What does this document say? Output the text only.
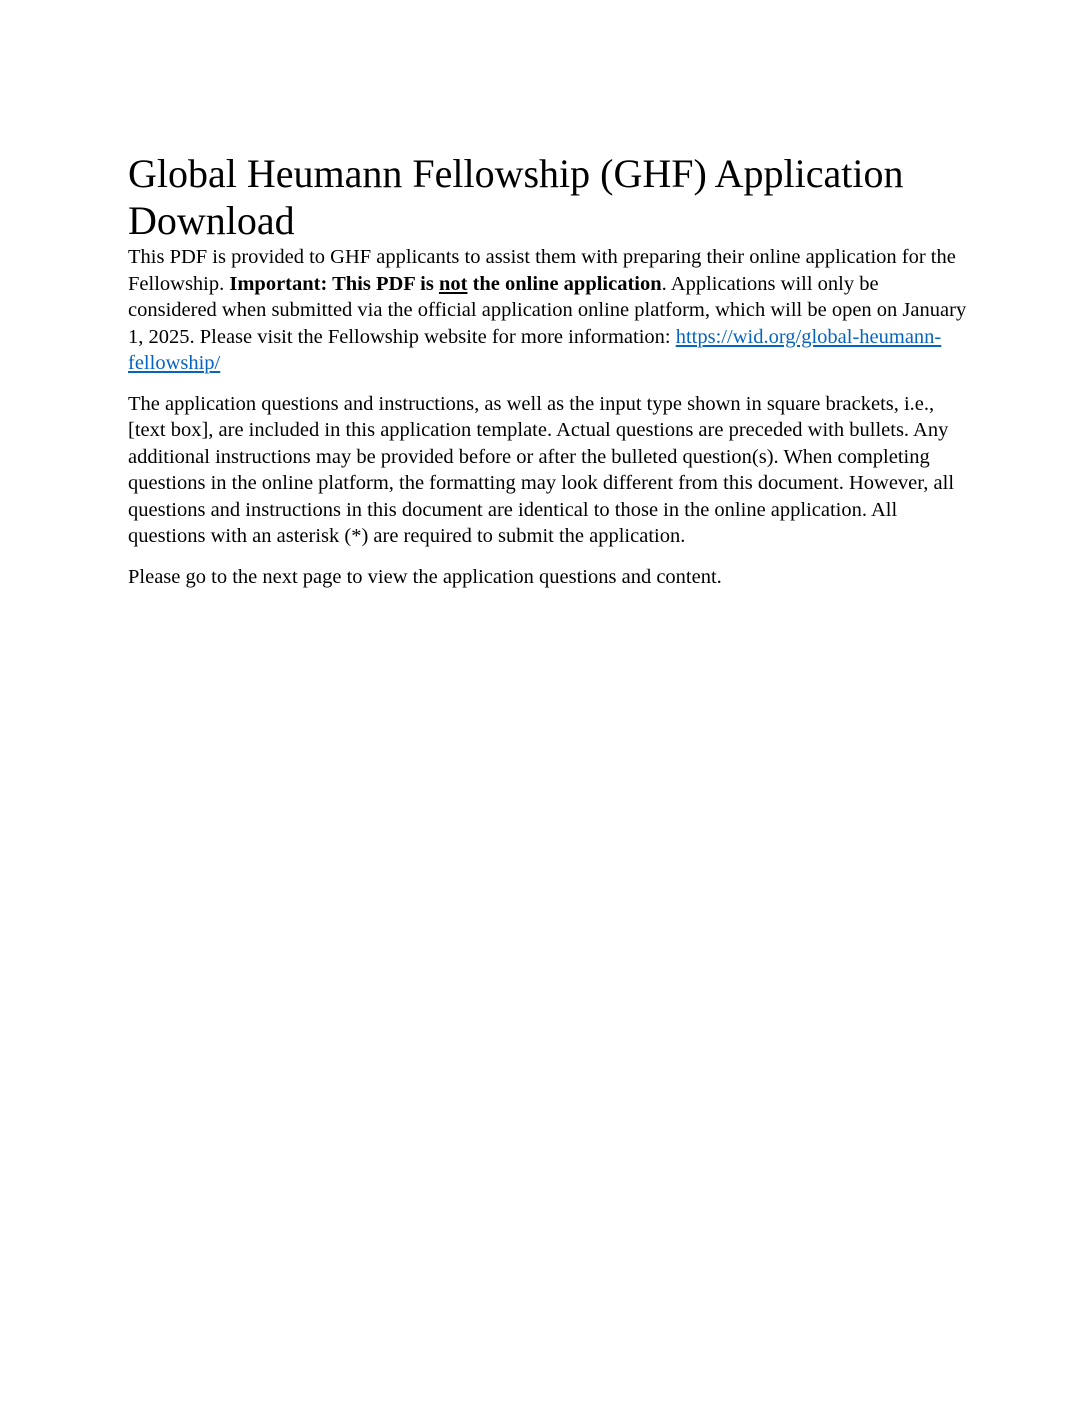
Global Heumann Fellowship (GHF) Application Download

This PDF is provided to GHF applicants to assist them with preparing their online application for the Fellowship. Important: This PDF is not the online application. Applications will only be considered when submitted via the official application online platform, which will be open on January 1, 2025. Please visit the Fellowship website for more information: https://wid.org/global-heumann-fellowship/

The application questions and instructions, as well as the input type shown in square brackets, i.e., [text box], are included in this application template. Actual questions are preceded with bullets. Any additional instructions may be provided before or after the bulleted question(s). When completing questions in the online platform, the formatting may look different from this document. However, all questions and instructions in this document are identical to those in the online application. All questions with an asterisk (*) are required to submit the application.

Please go to the next page to view the application questions and content.
